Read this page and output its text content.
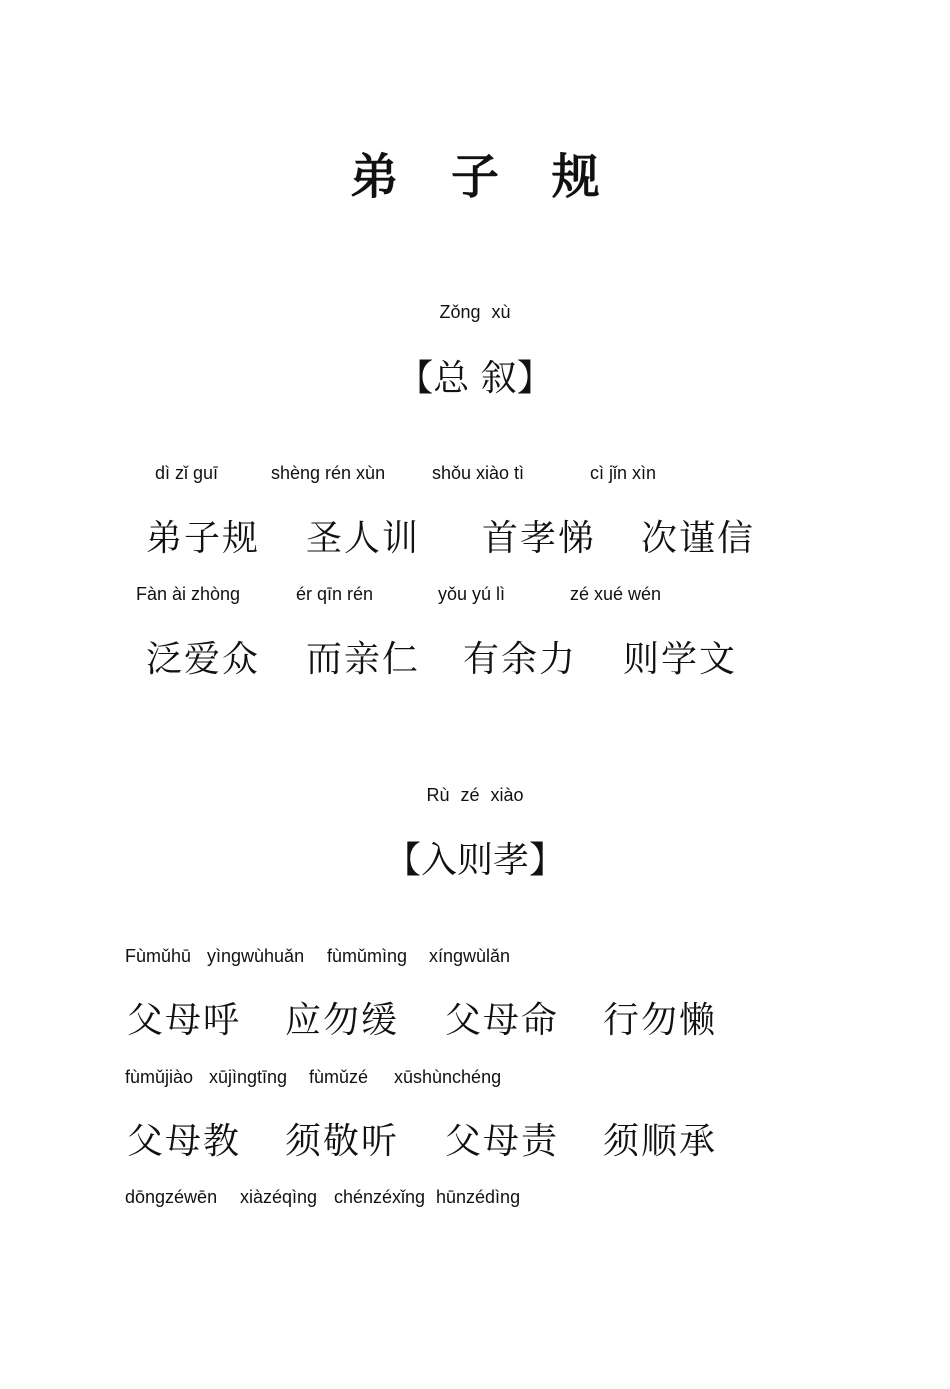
弟 子 规
Zǒng xù
【总 叙】
dì zǐ guī	shèng rén xùn	shǒu xiào tì	cì jǐn xìn
弟子规 圣人训 首孝悌 次谨信
Fàn ài zhòng	ér qīn rén	yǒu yú lì	zé xué wén
泛爱众 而亲仁 有余力 则学文
Rù zé xiào
【入则孝】
Fùmǔhū yìngwùhuǎn fùmǔmìng xíngwùlǎn
父母呼 应勿缓 父母命 行勿懒
fùmǔjiào xūjìngtīng fùmǔzé xūshùnchéng
父母教 须敬听 父母责 须顺承
dōngzéwēn xiàzéqìng chénzéxǐng hūnzédìng
